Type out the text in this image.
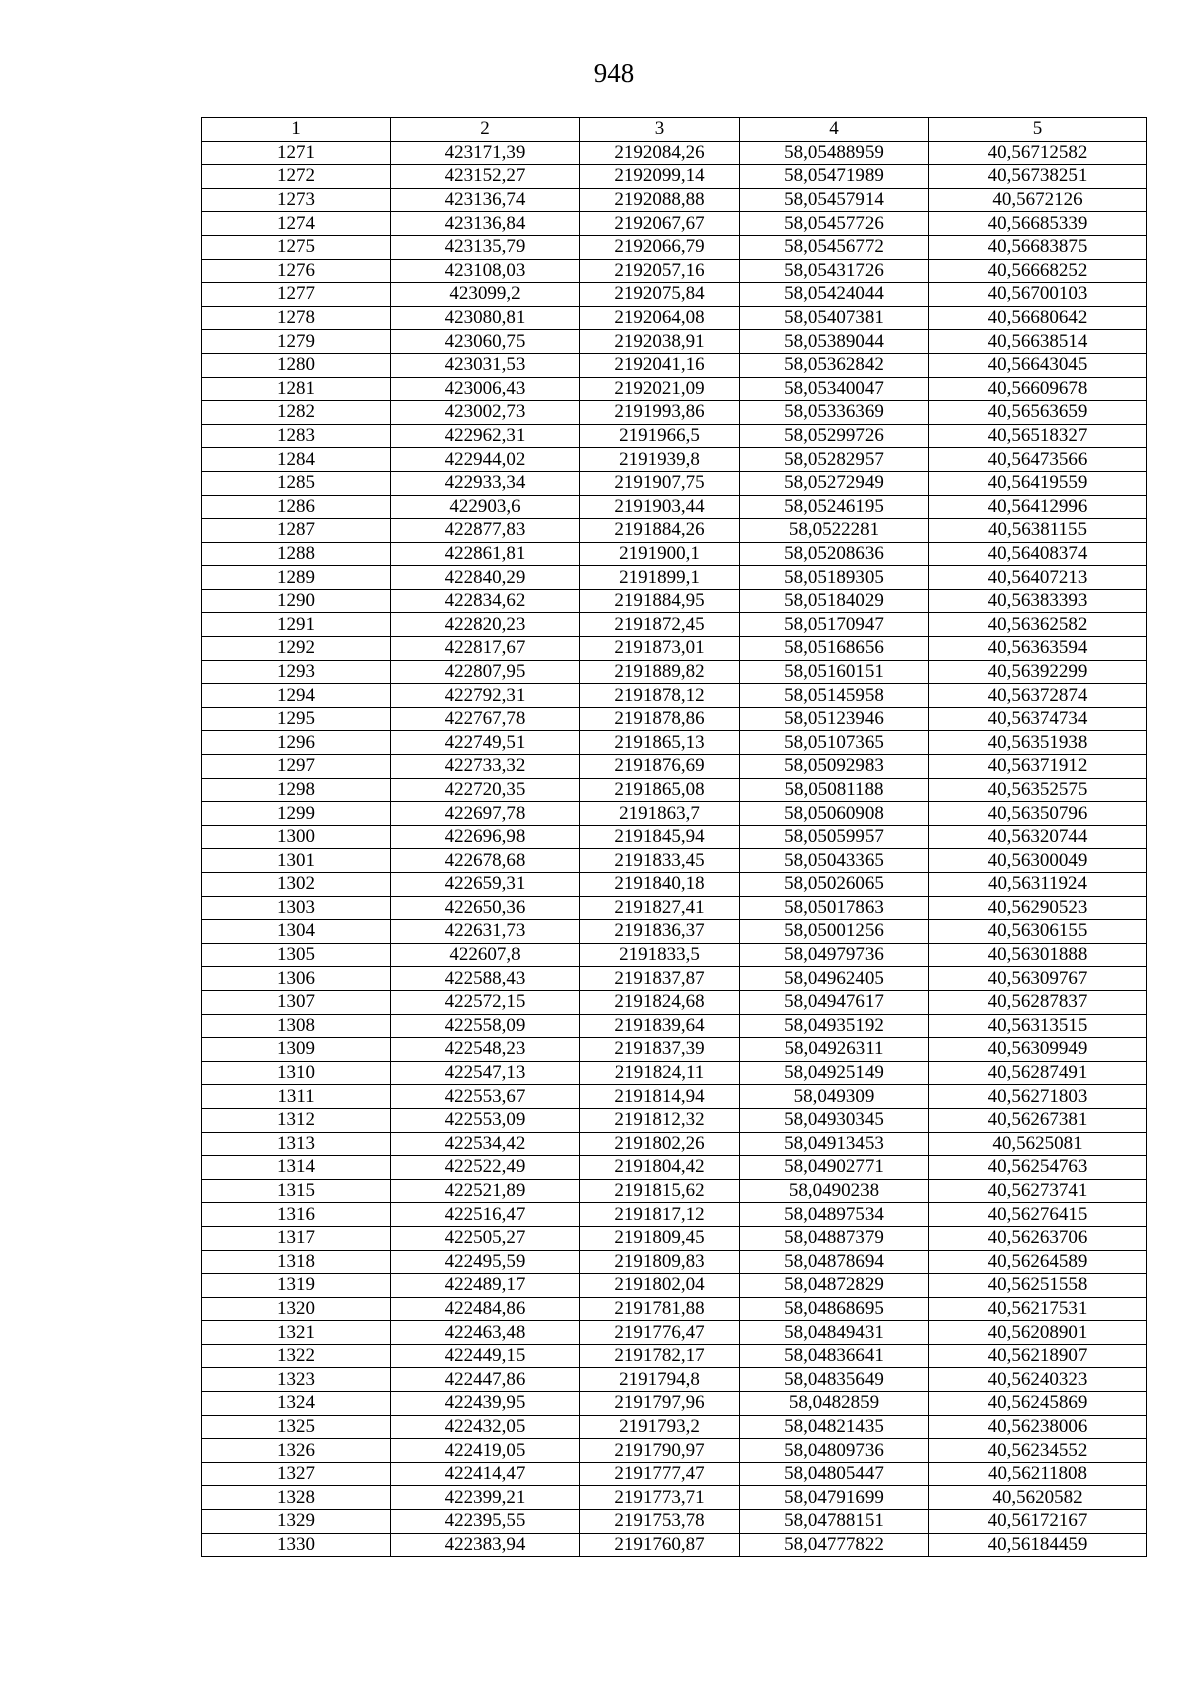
948
1	2	3	4	5
1271	423171,39	2192084,26	58,05488959	40,56712582
1272	423152,27	2192099,14	58,05471989	40,56738251
1273	423136,74	2192088,88	58,05457914	40,5672126
1274	423136,84	2192067,67	58,05457726	40,56685339
1275	423135,79	2192066,79	58,05456772	40,56683875
1276	423108,03	2192057,16	58,05431726	40,56668252
1277	423099,2	2192075,84	58,05424044	40,56700103
1278	423080,81	2192064,08	58,05407381	40,56680642
1279	423060,75	2192038,91	58,05389044	40,56638514
1280	423031,53	2192041,16	58,05362842	40,56643045
1281	423006,43	2192021,09	58,05340047	40,56609678
1282	423002,73	2191993,86	58,05336369	40,56563659
1283	422962,31	2191966,5	58,05299726	40,56518327
1284	422944,02	2191939,8	58,05282957	40,56473566
1285	422933,34	2191907,75	58,05272949	40,56419559
1286	422903,6	2191903,44	58,05246195	40,56412996
1287	422877,83	2191884,26	58,0522281	40,56381155
1288	422861,81	2191900,1	58,05208636	40,56408374
1289	422840,29	2191899,1	58,05189305	40,56407213
1290	422834,62	2191884,95	58,05184029	40,56383393
1291	422820,23	2191872,45	58,05170947	40,56362582
1292	422817,67	2191873,01	58,05168656	40,56363594
1293	422807,95	2191889,82	58,05160151	40,56392299
1294	422792,31	2191878,12	58,05145958	40,56372874
1295	422767,78	2191878,86	58,05123946	40,56374734
1296	422749,51	2191865,13	58,05107365	40,56351938
1297	422733,32	2191876,69	58,05092983	40,56371912
1298	422720,35	2191865,08	58,05081188	40,56352575
1299	422697,78	2191863,7	58,05060908	40,56350796
1300	422696,98	2191845,94	58,05059957	40,56320744
1301	422678,68	2191833,45	58,05043365	40,56300049
1302	422659,31	2191840,18	58,05026065	40,56311924
1303	422650,36	2191827,41	58,05017863	40,56290523
1304	422631,73	2191836,37	58,05001256	40,56306155
1305	422607,8	2191833,5	58,04979736	40,56301888
1306	422588,43	2191837,87	58,04962405	40,56309767
1307	422572,15	2191824,68	58,04947617	40,56287837
1308	422558,09	2191839,64	58,04935192	40,56313515
1309	422548,23	2191837,39	58,04926311	40,56309949
1310	422547,13	2191824,11	58,04925149	40,56287491
1311	422553,67	2191814,94	58,049309	40,56271803
1312	422553,09	2191812,32	58,04930345	40,56267381
1313	422534,42	2191802,26	58,04913453	40,5625081
1314	422522,49	2191804,42	58,04902771	40,56254763
1315	422521,89	2191815,62	58,0490238	40,56273741
1316	422516,47	2191817,12	58,04897534	40,56276415
1317	422505,27	2191809,45	58,04887379	40,56263706
1318	422495,59	2191809,83	58,04878694	40,56264589
1319	422489,17	2191802,04	58,04872829	40,56251558
1320	422484,86	2191781,88	58,04868695	40,56217531
1321	422463,48	2191776,47	58,04849431	40,56208901
1322	422449,15	2191782,17	58,04836641	40,56218907
1323	422447,86	2191794,8	58,04835649	40,56240323
1324	422439,95	2191797,96	58,0482859	40,56245869
1325	422432,05	2191793,2	58,04821435	40,56238006
1326	422419,05	2191790,97	58,04809736	40,56234552
1327	422414,47	2191777,47	58,04805447	40,56211808
1328	422399,21	2191773,71	58,04791699	40,5620582
1329	422395,55	2191753,78	58,04788151	40,56172167
1330	422383,94	2191760,87	58,04777822	40,56184459
